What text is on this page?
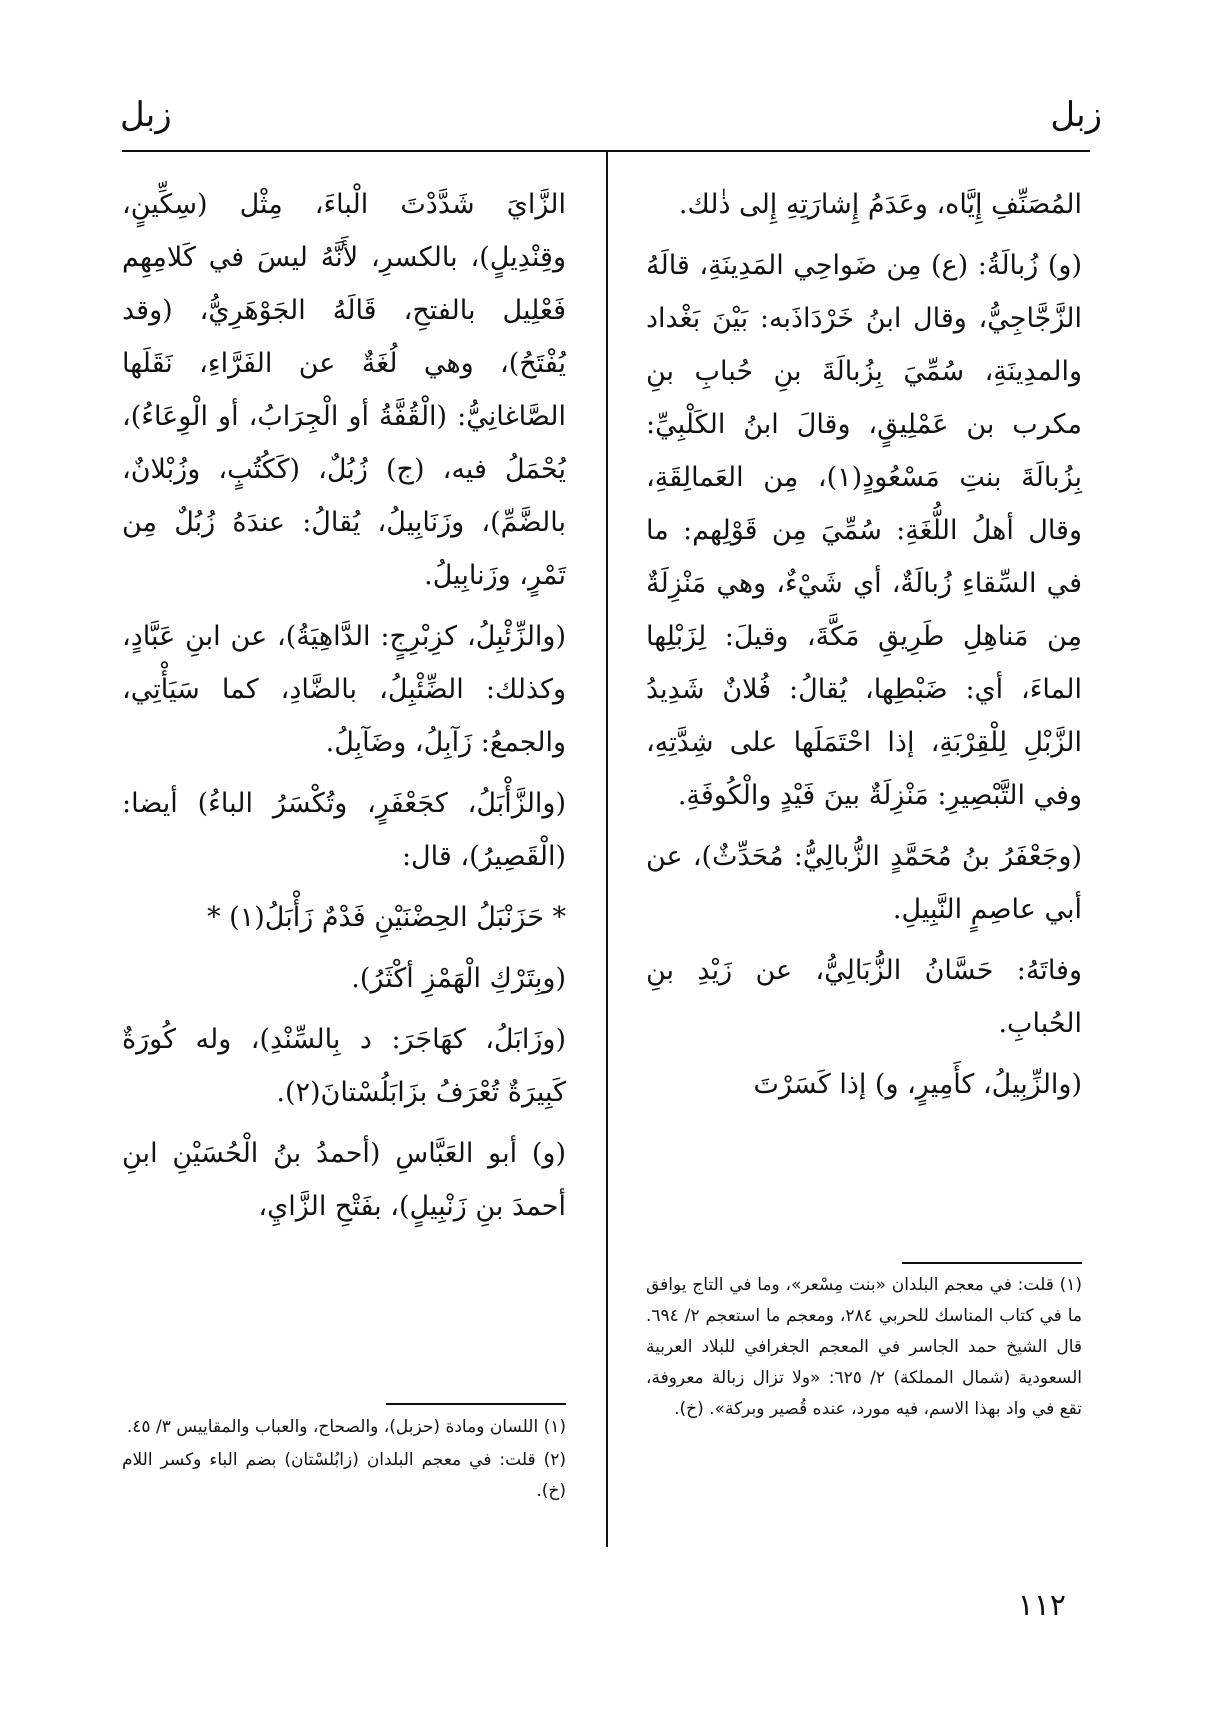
زبل
زبل

المُصَنِّفِ إِيَّاه، وعَدَمُ إِشارَتِهِ إِلى ذٰلك.

(و) زُبالَةُ: (ع) مِن ضَواحِي المَدِينَةِ، قالَهُ الزَّجَّاجِيُّ، وقال ابنُ خَرْدَاذَبه: بَيْنَ بَغْداد والمدِينَةِ، سُمِّيَ بِزُبالَةَ بنِ حُبابِ بنِ مكرب بن عَمْلِيقٍ، وقالَ ابنُ الكَلْبِيِّ: بِزُبالَةَ بنتِ مَسْعُودٍ(١)، مِن العَمالِقَةِ، وقال أهلُ اللُّغَةِ: سُمِّيَ مِن قَوْلِهم: ما في السِّقاءِ زُبالَةٌ، أي شَيْءٌ، وهي مَنْزِلَةٌ مِن مَناهِلِ طَرِيقِ مَكَّةَ، وقيلَ: لِزَبْلِها الماءَ، أي: ضَبْطِها، يُقالُ: فُلانٌ شَدِيدُ الزَّبْلِ لِلْقِرْبَةِ، إذا احْتَمَلَها على شِدَّتِهِ، وفي التَّبْصِيرِ: مَنْزِلَةٌ بينَ فَيْدٍ والْكُوفَةِ.

(وجَعْفَرُ بنُ مُحَمَّدٍ الزُّبالِيُّ: مُحَدِّثٌ)، عن أبي عاصِمٍ النَّبِيلِ.

وفاتَهُ: حَسَّانُ الزُّبَالِيُّ، عن زَيْدِ بنِ الحُبابِ.

(والزِّبِيلُ، كأَمِيرٍ، و) إذا كَسَرْتَ

الزَّايَ شَدَّدْتَ الْباءَ، مِثْل (سِكِّينٍ، وقِنْدِيلٍ)، بالكسرِ، لأَنَّهُ ليسَ في كَلامِهِم فَعْلِيل بالفتحِ، قَالَهُ الجَوْهَرِيُّ، (وقد يُفْتَحُ)، وهي لُغَةٌ عن الفَرَّاءِ، نَقَلَها الصَّاغانِيُّ: (الْقُفَّةُ أو الْجِرَابُ، أو الْوِعَاءُ)، يُحْمَلُ فيه، (ج) زُبُلٌ، (كَكُتُبٍ، وزُبْلانٌ، بالضَّمِّ)، وزَنَابِيلُ، يُقالُ: عندَهُ زُبُلٌ مِن تَمْرٍ، وزَنابِيلُ.

(والزِّئْبِلُ، كزِبْرِجٍ: الدَّاهِيَةُ)، عن ابنِ عَبَّادٍ، وكذلك: الضِّئْبِلُ، بالضَّادِ، كما سَيَأْتِي، والجمعُ: زَآبِلُ، وضَآبِلُ.

(والزَّأْبَلُ، كجَعْفَرٍ، وتُكْسَرُ الباءُ) أيضا: (الْقَصِيرُ)، قال:

* حَزَنْبَلُ الحِضْنَيْنِ فَدْمٌ زَأْبَلُ(١) *

(وبِتَرْكِ الْهَمْزِ أكْثَرُ).

(وزَابَلُ، كهَاجَرَ: د بِالسِّنْدِ)، وله كُورَةٌ كَبِيرَةٌ تُعْرَفُ بزَابَلُسْتانَ(٢).

(و) أبو العَبَّاسِ (أحمدُ بنُ الْحُسَيْنِ ابنِ أحمدَ بنِ زَنْبِيلٍ)، بفَتْحِ الزَّايِ،

(١) قلت: في معجم البلدان «بنت مِسْعر»، وما في التاج يوافق ما في كتاب المناسك للحربي ٢٨٤، ومعجم ما استعجم ٢/ ٦٩٤. قال الشيخ حمد الجاسر في المعجم الجغرافي للبلاد العربية السعودية (شمال المملكة) ٢/ ٦٢٥: «ولا تزال زبالة معروفة، تقع في واد بهذا الاسم، فيه مورد، عنده قُصير وبركة». (خ).

(١) اللسان ومادة (حزبل)، والصحاح، والعباب والمقاييس ٣/ ٤٥.

(٢) قلت: في معجم البلدان (زابُلسْتان) بضم الباء وكسر اللام (خ).

١١٢
